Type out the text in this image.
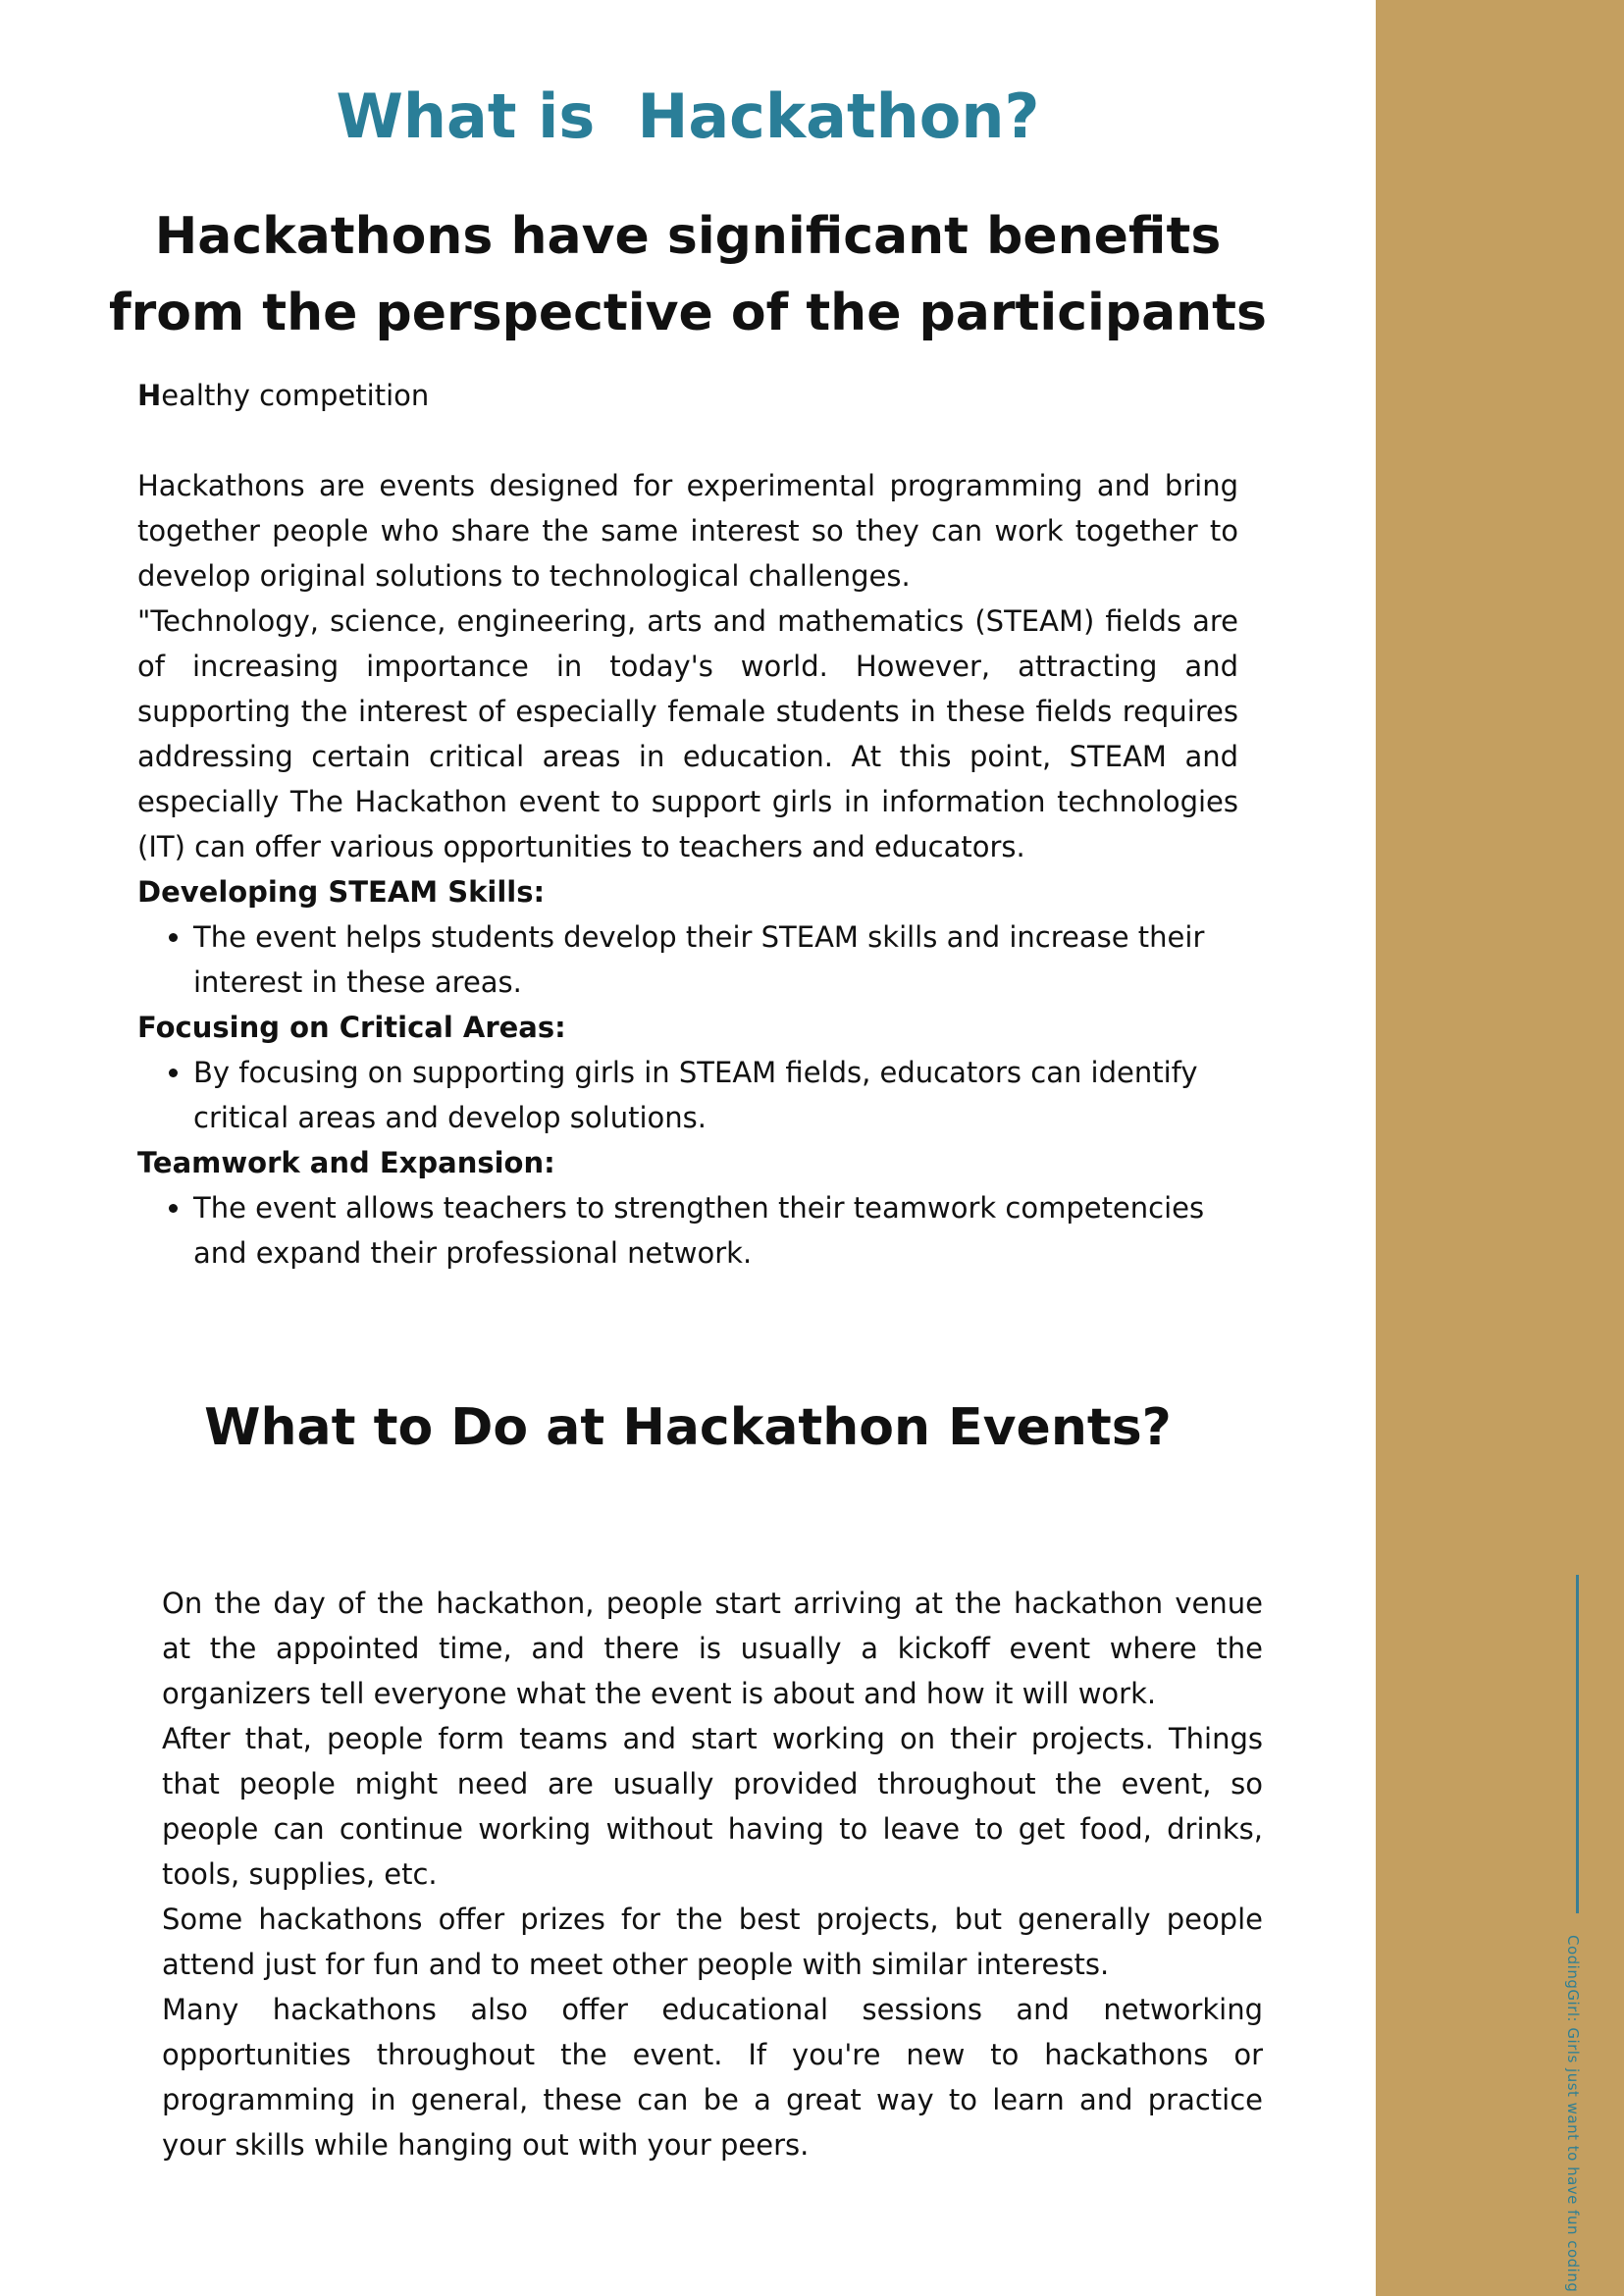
CodingGirl: Girls just want to have fun coding
What is  Hackathon?
Hackathons have significant benefits from the perspective of the participants

Healthy competition

Hackathons are events designed for experimental programming and bring together people who share the same interest so they can work together to develop original solutions to technological challenges.

"Technology, science, engineering, arts and mathematics (STEAM) fields are of increasing importance in today's world. However, attracting and supporting the interest of especially female students in these fields requires addressing certain critical areas in education. At this point, STEAM and especially The Hackathon event to support girls in information technologies (IT) can offer various opportunities to teachers and educators.

Developing STEAM Skills:

• The event helps students develop their STEAM skills and increase their interest in these areas.

Focusing on Critical Areas:

• By focusing on supporting girls in STEAM fields, educators can identify critical areas and develop solutions.

Teamwork and Expansion:

• The event allows teachers to strengthen their teamwork competencies and expand their professional network.
What to Do at Hackathon Events?

On the day of the hackathon, people start arriving at the hackathon venue at the appointed time, and there is usually a kickoff event where the organizers tell everyone what the event is about and how it will work.

After that, people form teams and start working on their projects. Things that people might need are usually provided throughout the event, so people can continue working without having to leave to get food, drinks, tools, supplies, etc.

Some hackathons offer prizes for the best projects, but generally people attend just for fun and to meet other people with similar interests.

Many hackathons also offer educational sessions and networking opportunities throughout the event. If you're new to hackathons or programming in general, these can be a great way to learn and practice your skills while hanging out with your peers.
